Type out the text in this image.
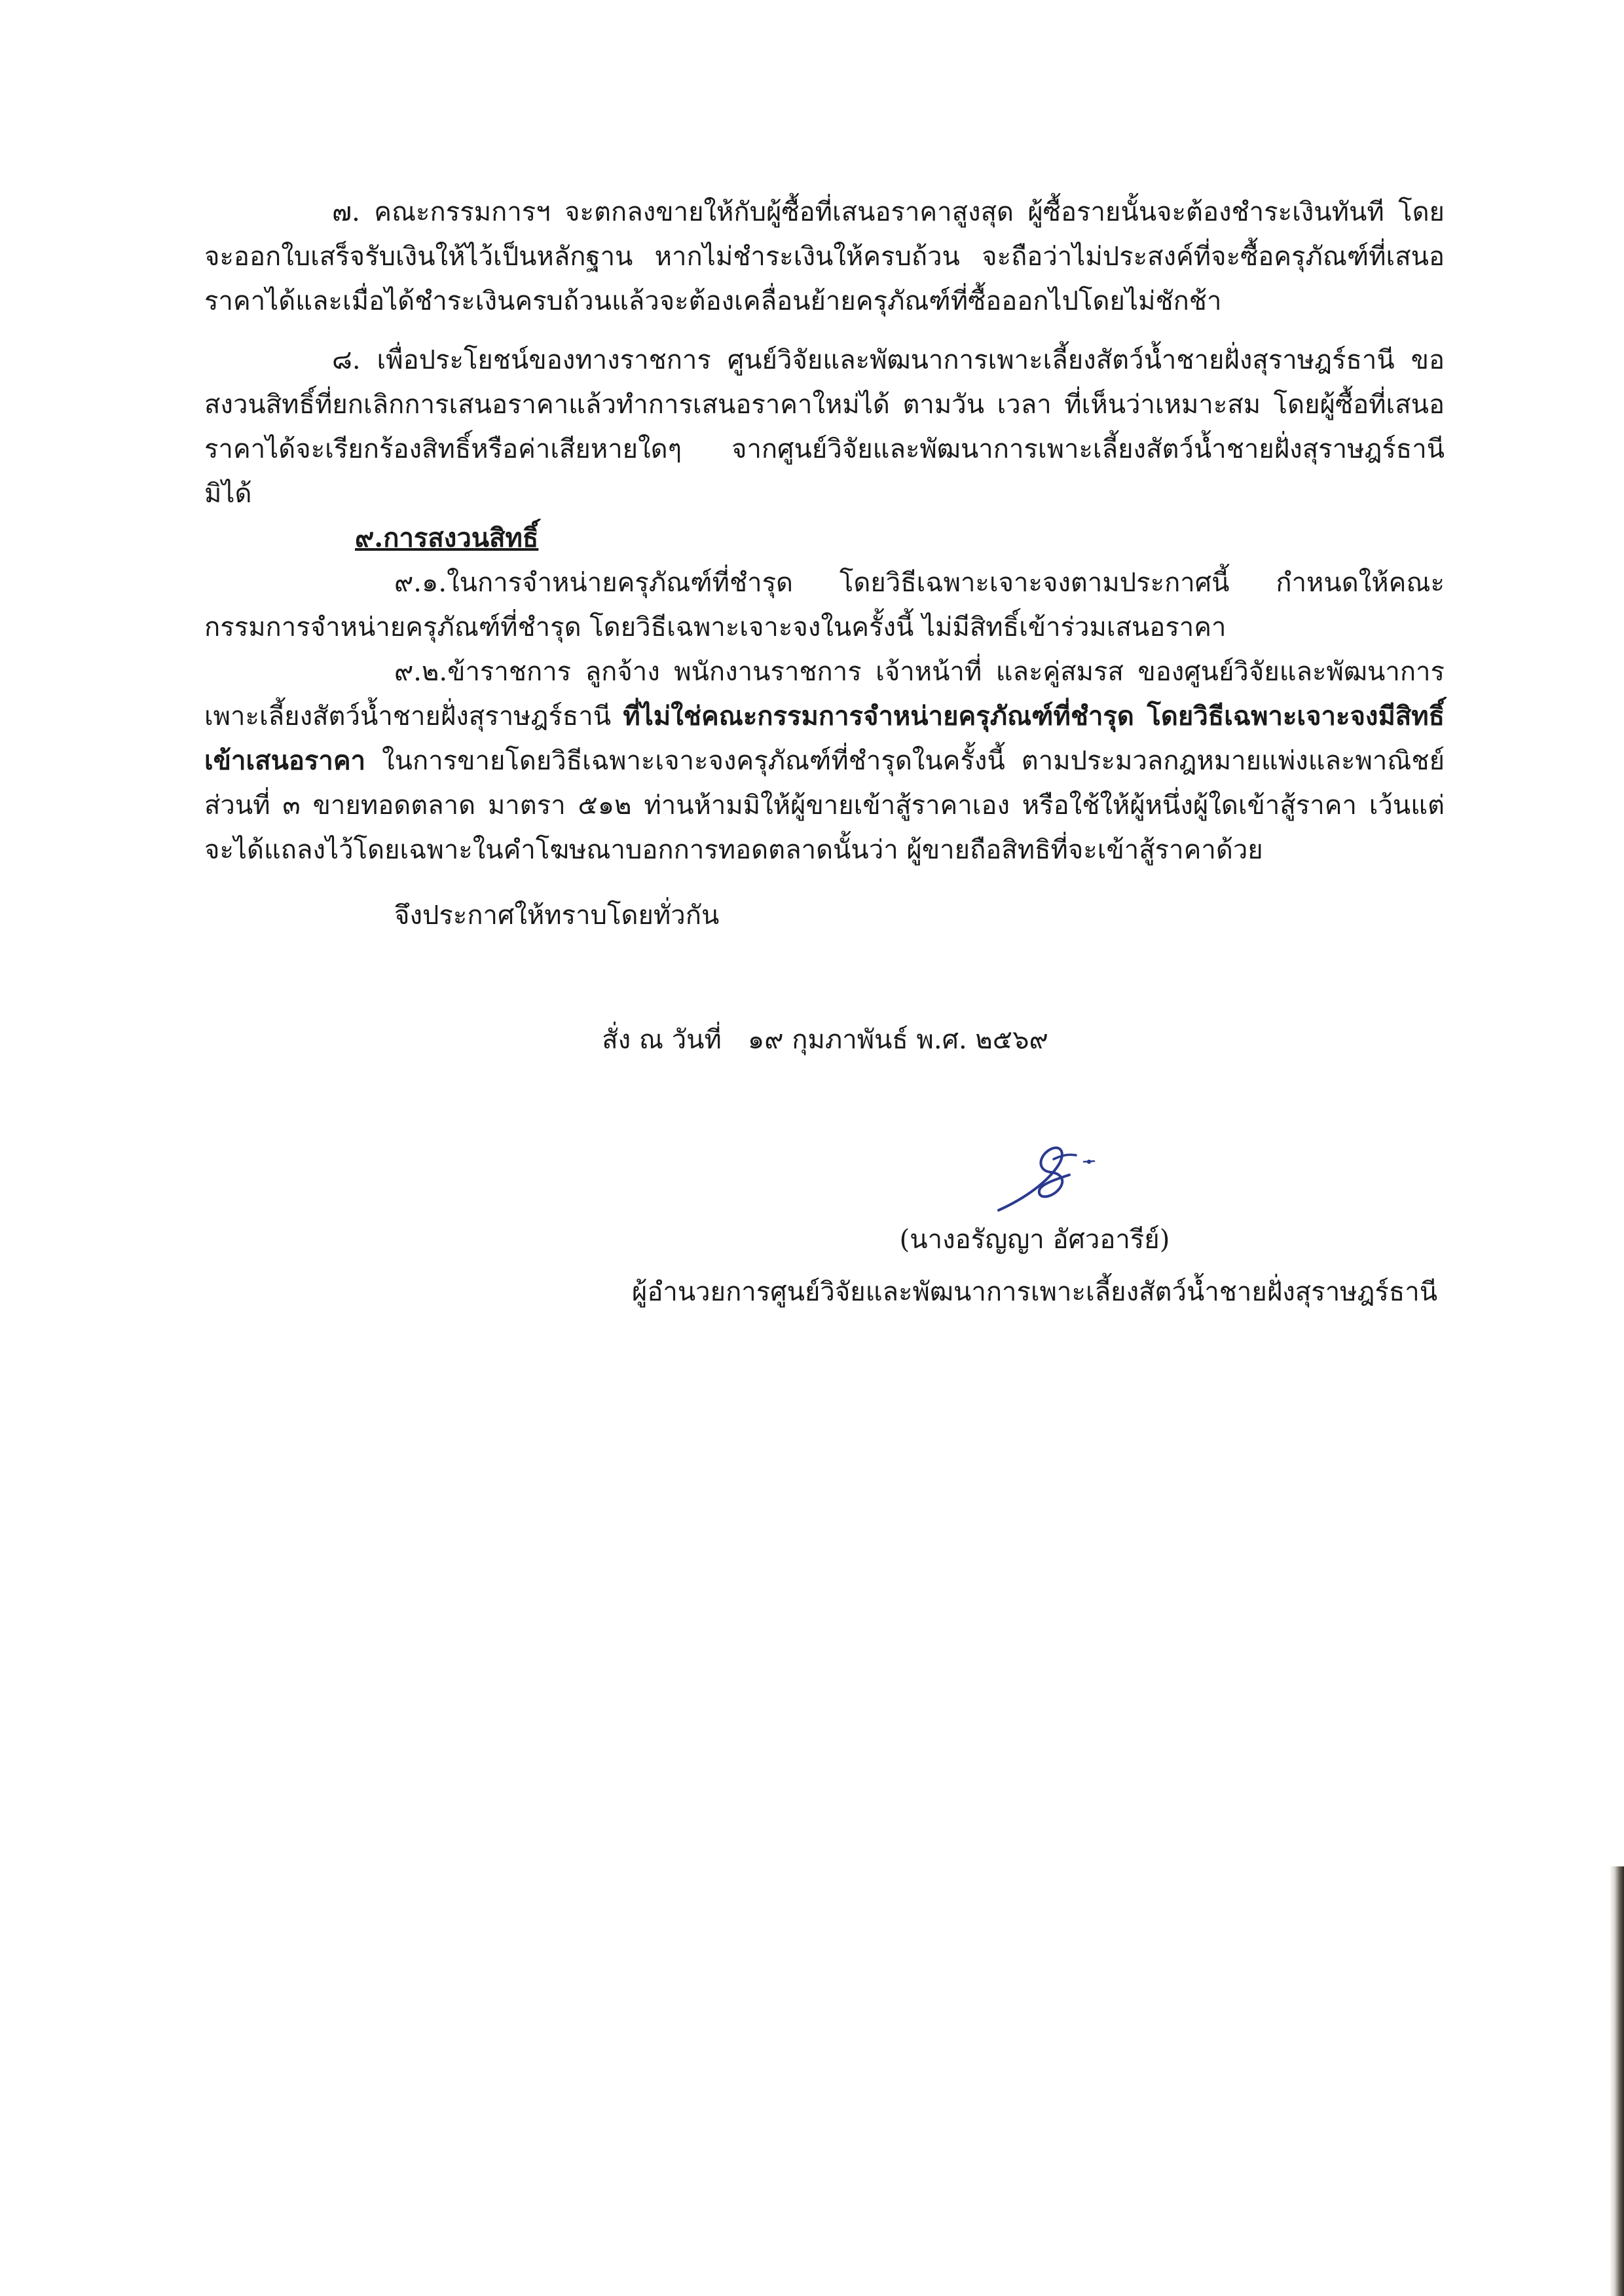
๗. คณะกรรมการฯ จะตกลงขายให้กับผู้ซื้อที่เสนอราคาสูงสุด ผู้ซื้อรายนั้นจะต้องชำระเงินทันที โดยจะออกใบเสร็จรับเงินให้ไว้เป็นหลักฐาน หากไม่ชำระเงินให้ครบถ้วน จะถือว่าไม่ประสงค์ที่จะซื้อครุภัณฑ์ที่เสนอราคาได้และเมื่อได้ชำระเงินครบถ้วนแล้วจะต้องเคลื่อนย้ายครุภัณฑ์ที่ซื้อออกไปโดยไม่ชักช้า

๘. เพื่อประโยชน์ของทางราชการ ศูนย์วิจัยและพัฒนาการเพาะเลี้ยงสัตว์น้ำชายฝั่งสุราษฎร์ธานี ขอสงวนสิทธิ์ที่ยกเลิกการเสนอราคาแล้วทำการเสนอราคาใหม่ได้ ตามวัน เวลา ที่เห็นว่าเหมาะสม โดยผู้ซื้อที่เสนอราคาได้จะเรียกร้องสิทธิ์หรือค่าเสียหายใดๆ จากศูนย์วิจัยและพัฒนาการเพาะเลี้ยงสัตว์น้ำชายฝั่งสุราษฎร์ธานีมิได้

๙.การสงวนสิทธิ์

๙.๑.ในการจำหน่ายครุภัณฑ์ที่ชำรุด โดยวิธีเฉพาะเจาะจงตามประกาศนี้ กำหนดให้คณะกรรมการจำหน่ายครุภัณฑ์ที่ชำรุด โดยวิธีเฉพาะเจาะจงในครั้งนี้ ไม่มีสิทธิ์เข้าร่วมเสนอราคา

๙.๒.ข้าราชการ ลูกจ้าง พนักงานราชการ เจ้าหน้าที่ และคู่สมรส ของศูนย์วิจัยและพัฒนาการเพาะเลี้ยงสัตว์น้ำชายฝั่งสุราษฎร์ธานี ที่ไม่ใช่คณะกรรมการจำหน่ายครุภัณฑ์ที่ชำรุด โดยวิธีเฉพาะเจาะจงมีสิทธิ์เข้าเสนอราคา ในการขายโดยวิธีเฉพาะเจาะจงครุภัณฑ์ที่ชำรุดในครั้งนี้ ตามประมวลกฎหมายแพ่งและพาณิชย์ ส่วนที่ ๓ ขายทอดตลาด มาตรา ๕๑๒ ท่านห้ามมิให้ผู้ขายเข้าสู้ราคาเอง หรือใช้ให้ผู้หนึ่งผู้ใดเข้าสู้ราคา เว้นแต่จะได้แถลงไว้โดยเฉพาะในคำโฆษณาบอกการทอดตลาดนั้นว่า ผู้ขายถือสิทธิที่จะเข้าสู้ราคาด้วย

จึงประกาศให้ทราบโดยทั่วกัน

สั่ง ณ วันที่ ๑๙ กุมภาพันธ์ พ.ศ. ๒๕๖๙
(นางอรัญญา อัศวอารีย์)
ผู้อำนวยการศูนย์วิจัยและพัฒนาการเพาะเลี้ยงสัตว์น้ำชายฝั่งสุราษฎร์ธานี
